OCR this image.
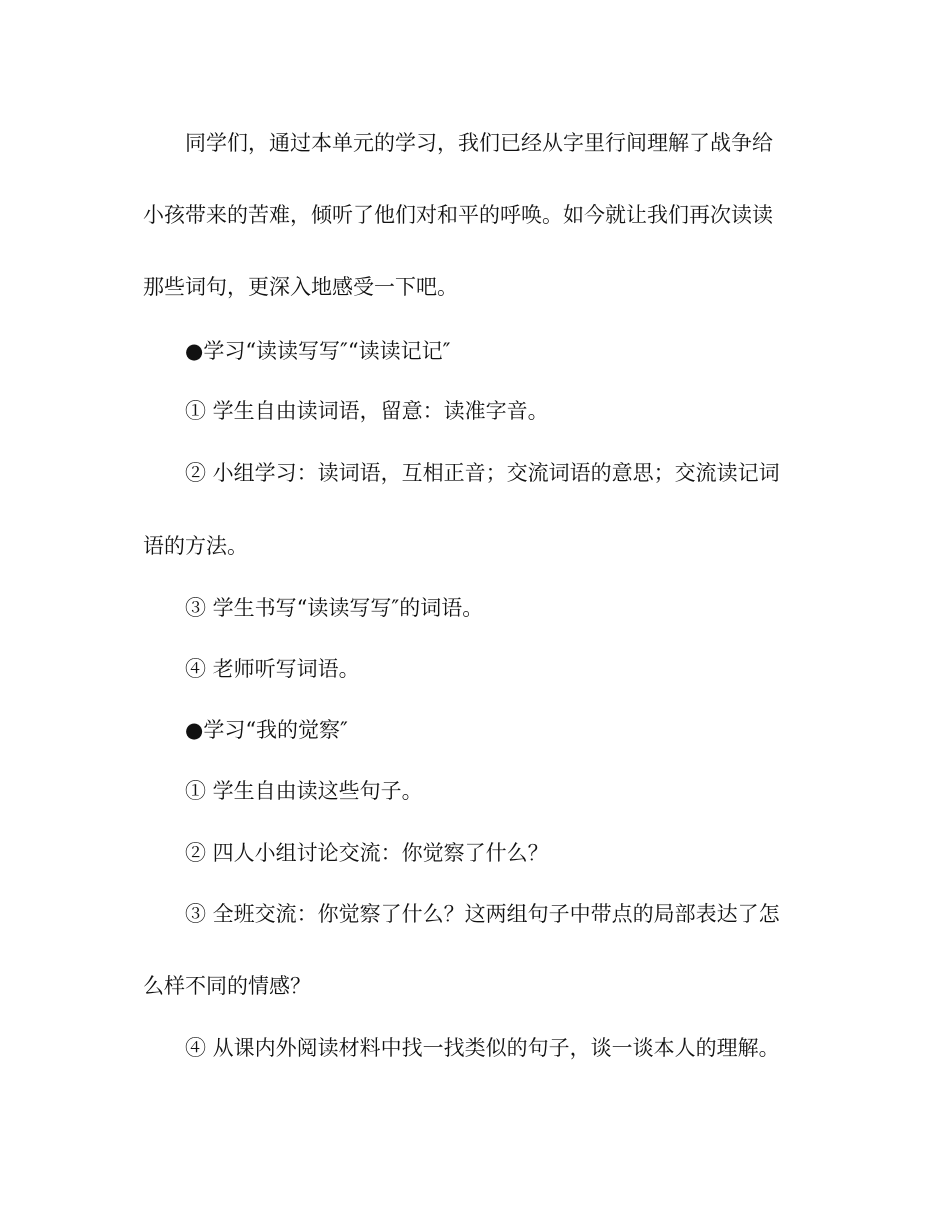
同学们，通过本单元的学习，我们已经从字里行间理解了战争给

小孩带来的苦难，倾听了他们对和平的呼唤。如今就让我们再次读读

那些词句，更深入地感受一下吧。

●学习“读读写写″“读读记记″

① 学生自由读词语，留意：读准字音。

② 小组学习：读词语，互相正音；交流词语的意思；交流读记词

语的方法。

③ 学生书写“读读写写″的词语。

④ 老师听写词语。

●学习“我的觉察″

① 学生自由读这些句子。

② 四人小组讨论交流：你觉察了什么？

③ 全班交流：你觉察了什么？这两组句子中带点的局部表达了怎

么样不同的情感？

④ 从课内外阅读材料中找一找类似的句子，谈一谈本人的理解。
